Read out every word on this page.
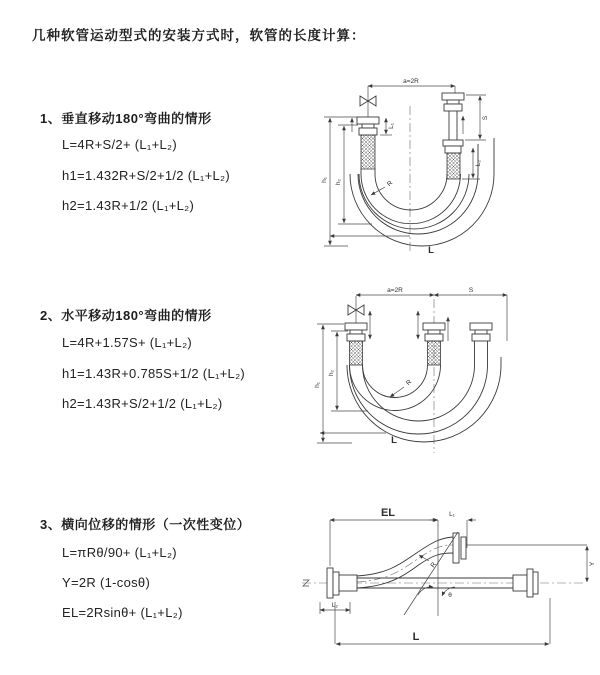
几种软管运动型式的安装方式时，软管的长度计算：
1、垂直移动180°弯曲的情形
L=4R+S/2+ (L₁+L₂)
h1=1.432R+S/2+1/2 (L₁+L₂)
h2=1.43R+1/2 (L₁+L₂)
2、水平移动180°弯曲的情形
L=4R+1.57S+ (L₁+L₂)
h1=1.43R+0.785S+1/2 (L₁+L₂)
h2=1.43R+S/2+1/2 (L₁+L₂)
3、横向位移的情形（一次性变位）
L=πRθ/90+ (L₁+L₂)
Y=2R (1-cosθ)
EL=2Rsinθ+ (L₁+L₂)
a=2R
h₁ h₂
L₁
S
L₂
R
L
a=2R	S
h₁
h₂
R
L
EL	L₁
Y
R
θ
L₂
L
